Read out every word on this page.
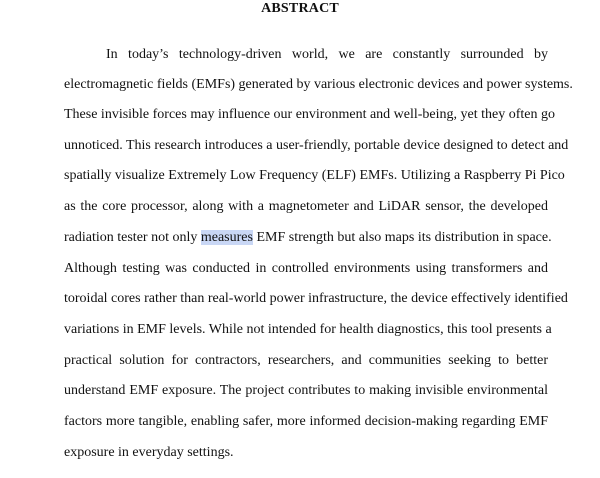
ABSTRACT
In today’s technology-driven world, we are constantly surrounded by
electromagnetic fields (EMFs) generated by various electronic devices and power systems.
These invisible forces may influence our environment and well-being, yet they often go
unnoticed. This research introduces a user-friendly, portable device designed to detect and
spatially visualize Extremely Low Frequency (ELF) EMFs. Utilizing a Raspberry Pi Pico
as the core processor, along with a magnetometer and LiDAR sensor, the developed
radiation tester not only measures EMF strength but also maps its distribution in space.
Although testing was conducted in controlled environments using transformers and
toroidal cores rather than real-world power infrastructure, the device effectively identified
variations in EMF levels. While not intended for health diagnostics, this tool presents a
practical solution for contractors, researchers, and communities seeking to better
understand EMF exposure. The project contributes to making invisible environmental
factors more tangible, enabling safer, more informed decision-making regarding EMF
exposure in everyday settings.
